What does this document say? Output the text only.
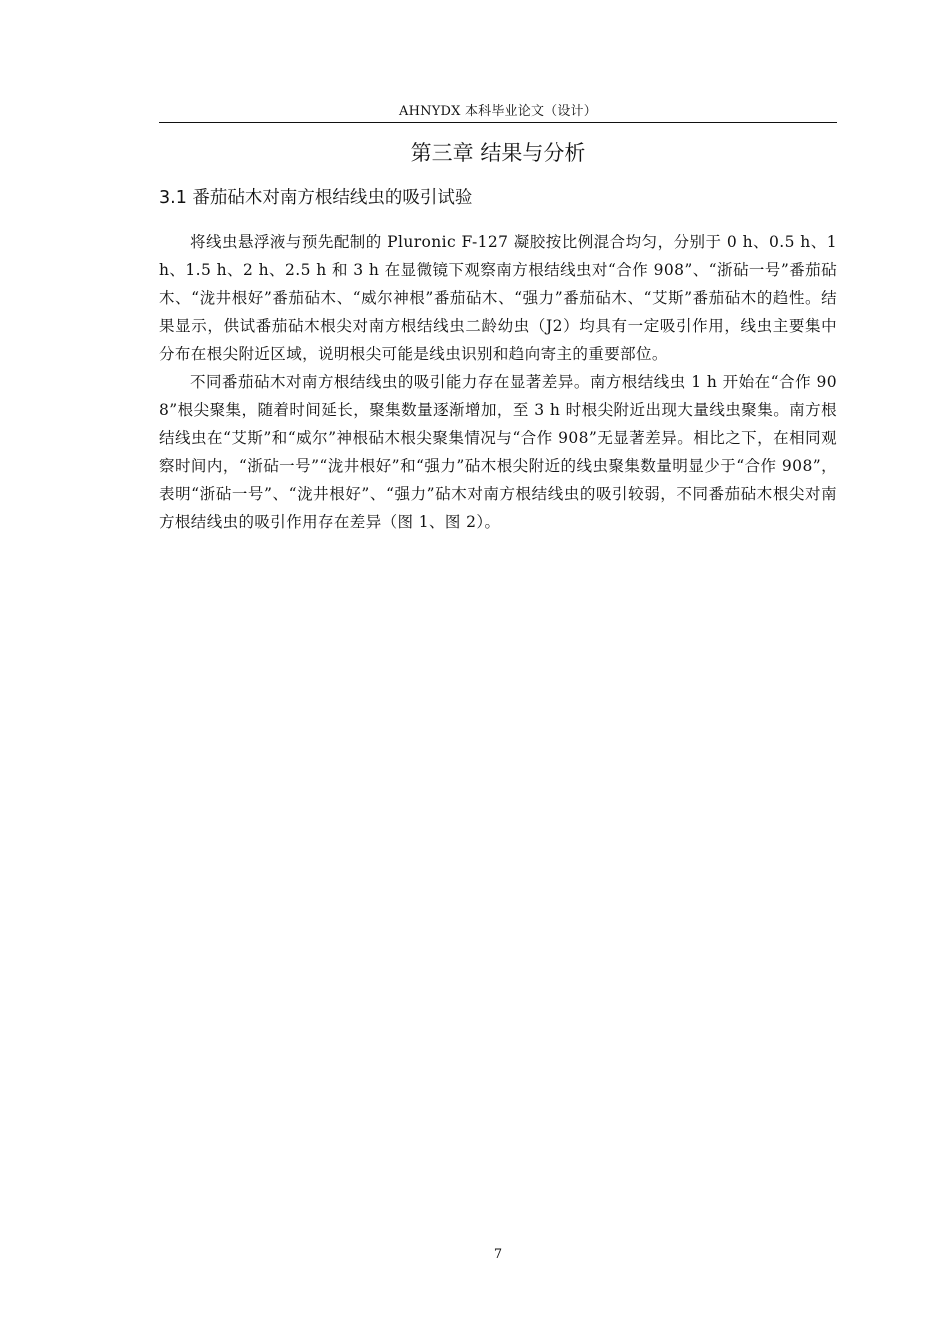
AHNYDX 本科毕业论文（设计）
第三章 结果与分析
3.1 番茄砧木对南方根结线虫的吸引试验

将线虫悬浮液与预先配制的 Pluronic F-127 凝胶按比例混合均匀，分别于 0 h、0.5 h、1 h、1.5 h、2 h、2.5 h 和 3 h 在显微镜下观察南方根结线虫对“合作 908”、“浙砧一号”番茄砧木、“泷井根好”番茄砧木、“威尔神根”番茄砧木、“强力”番茄砧木、“艾斯”番茄砧木的趋性。结果显示，供试番茄砧木根尖对南方根结线虫二龄幼虫（J2）均具有一定吸引作用，线虫主要集中分布在根尖附近区域，说明根尖可能是线虫识别和趋向寄主的重要部位。

不同番茄砧木对南方根结线虫的吸引能力存在显著差异。南方根结线虫 1 h 开始在“合作 908”根尖聚集，随着时间延长，聚集数量逐渐增加，至 3 h 时根尖附近出现大量线虫聚集。南方根结线虫在“艾斯”和“威尔”神根砧木根尖聚集情况与“合作 908”无显著差异。相比之下，在相同观察时间内，“浙砧一号”“泷井根好”和“强力”砧木根尖附近的线虫聚集数量明显少于“合作 908”，表明“浙砧一号”、“泷井根好”、“强力”砧木对南方根结线虫的吸引较弱，不同番茄砧木根尖对南方根结线虫的吸引作用存在差异（图 1、图 2）。

7
